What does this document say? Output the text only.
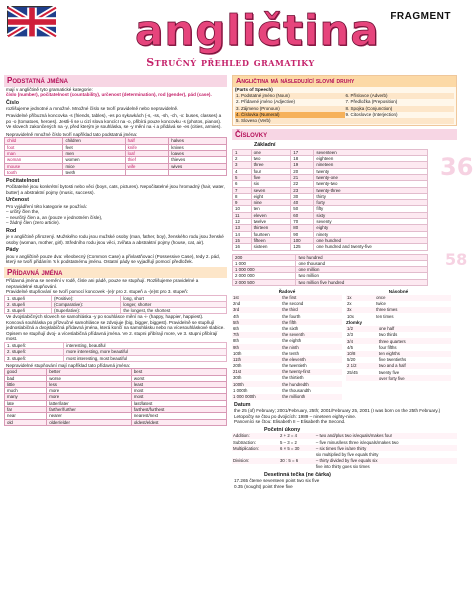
angličtina FRAGMENT
Stručný přehled gramatiky
Podstatná jména
mají v angličtině tyto gramatické kategorie:
číslo (number), počitatelnost (countability), určenost (determination), rod (gender), pád (case).
Číslo
rozlišujeme jednotné a množné. Množné číslo se tvoří pravidelně nebo nepravidelně.
Pravidelné příbuzná koncovka -s (friends, tables), -es po sykavkách (-s, -ss, -sh, -ch, -x: buses, classes) a po -o (tomatoes, heroes). Jestli-li se u cizí slova koncícI na -o, přibírá pouze koncovku -s (photos, pianos). Ve slovech zakončených na -y, před kterým je souhláska, se -y mění na -i a přidává se -es (cities, armies).
Nepravidelně množné číslo tvoří například tato podstatná jména:
child	children	half	halves
foot	feet	knife	knives
man	men	loaf	loaves
woman	women	thief	thieves
mouse	mice	wife	wives
tooth	teeth		
Počitatelnost
Počitatelné jsou konkrétní bytosti nebo věci (boys, cats, pictures). Nepočitatelné jsou hromadný (hair, water, butter) a abstraktní pojmy (music, success).
Určenost
Pro vyjádření této kategorie se používá:
– určitý člen the,
– neurčitý člen a, an (pouze v jednotném čísle),
– žádný člen (zero article).
Rod
je v angličtině přirozený. Mužského rodu jsou mužské osoby (man, father, boy), ženského rodu jsou ženské osoby (woman, mother, girl). Středního rodu jsou věci, zvířata a abstraktní pojmy (house, cat, air).
Pády
jsou v angličtině pouze dva: všeobecný (Common Case) a přivlastňovací (Possessive Case), tedy 2. pád, který se tvoří přidáním 's k podstatnému jménu. Ostatní pády se vyjadřují pomocí předložek.
Přídavná jména
Přídavná jména se nemění v rodě, čísle ani pádě, pouze se stupňují. Rozlišujeme pravidelné a nepravidelné stupňování.
Pravidelné stupňování se tvoří pomocí koncovek -(e)r pro 2. stupeň a -(e)st pro 3. stupeň:
1. stupeň	(Positive):	long, short
2. stupeň	(Comparative):	longer, shorter
3. stupeň	(Superlative):	the longest, the shortest
Ve dvojslabičných slovech se samohláska -y po souhlásce mění na -i- (happy, happier, happiest).
Koncová souhláska po přízvučné samohlásce se zdvojuje (big, bigger, biggest). Pravidelně se stupňují jednoslabičná a dvojslabičná přídavná jména, která končí na samohlásku nebo na vícesouhláskové slabice.
Opisem se stupňují dvoj- a víceslabičná přídavná jména. Ve 2. stupni přibírají more, ve 3. stupni přibírají most.
1. stupeň:	interesting, beautiful
2. stupeň:	more interesting, more beautiful
3. stupeň:	most interesting, most beautiful
Nepravidelné stupňování mají například tato přídavná jména:
good	better	best
bad	worse	worst
little	less	least
much	more	most
many	more	most
late	latter/later	last/latest
far	farther/further	farthest/furthest
near	nearer	nearest/next
old	older/elder	oldest/eldest
Angličtina má následující slovní druhy
(Parts of Speech)
1. Podstatné jméno (Noun)	6. Příslovce (Adverb)
2. Přídavné jméno (Adjective)	7. Předložka (Preposition)
3. Zájmeno (Pronoun)	8. Spojka (Conjunction)
4. Číslovka (Numeral)	9. Citoslovce (Interjection)
5. Sloveso (Verb)
Číslovky
Základní
1	one	17	seventeen
2	two	18	eighteen
3	three	19	nineteen
4	four	20	twenty
5	five	21	twenty-one
6	six	22	twenty-two
7	seven	23	twenty-three
8	eight	30	thirty
9	nine	40	forty
10	ten	50	fifty
11	eleven	60	sixty
12	twelve	70	seventy
13	thirteen	80	eighty
14	fourteen	90	ninety
15	fifteen	100	one hundred
16	sixteen	125	one hundred and twenty-five
200	two hundred
1 000	one thousand
1 000 000	one million
2 000 000	two million
2 000 500	two million five hundred
Řadové	
1st	the first
2nd	the second
3rd	the third
4th	the fourth
5th	the fifth
6th	the sixth
7th	the seventh
8th	the eighth
9th	the ninth
10th	the tenth
11th	the eleventh
20th	the twentieth
21st	the twenty-first
30th	the thirtieth
100th	the hundredth
1 000th	the thousandth
1 000 000th	the millionth
Násobné	
1x	once
2x	twice
3x	three times
10x	ten times
Zlomky	
1/2	one half
2/3	two thirds
3/4	three quarters
4/5	four fifths
10/8	ten eighths
5/20	five twentieths
2 1/2	two and a half
25/45	twenty five
	over forty five
Datum
the 25 (of) February; 2001/February, 25th; 2001/February 25, 2001 (I was born on the 25th February.)
Letopočty se čtou po dvojicích: 1989 – nineteen eighty-nine.
Panovníci se čtou: Elisabeth II – Elisabeth the Second.
Početní úkony
Addition:	2 + 2 = 4	– two and/plus two is/equals/makes four
Subtraction:	5 – 3 = 2	– five minus/less three is/equals/makes two
Multiplication:	6 × 5 = 30	– six times five is/are thirty
		six multiplied by five equals thirty
Division:	30 : 5 = 6	– thirty divided by five equals six
		five into thirty goes six times
Desetinná tečka (ne čárka)
17.265 čteme seventeen point two six five
0.35 (nought) point three five
36
58
